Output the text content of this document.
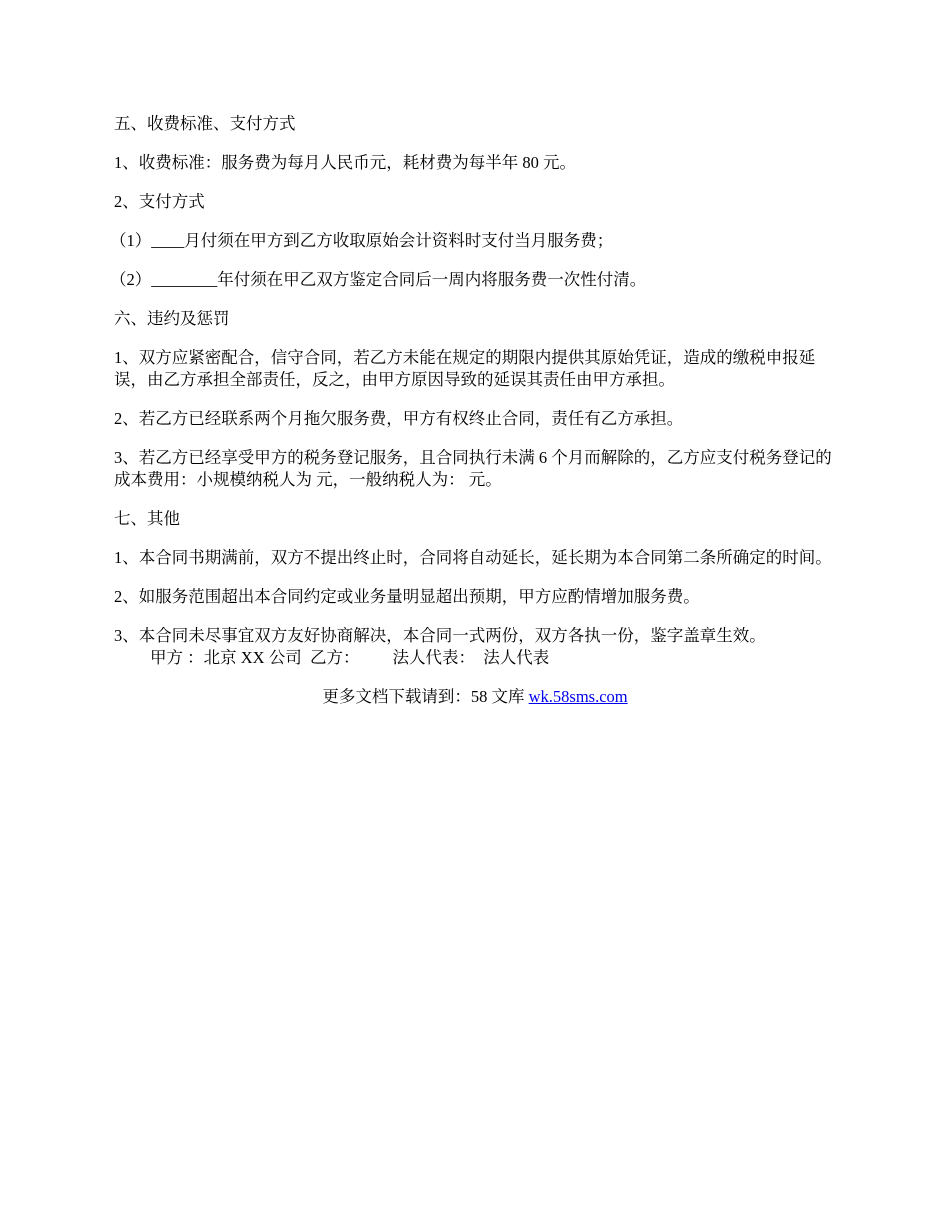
五、收费标准、支付方式

1、收费标准：服务费为每月人民币元，耗材费为每半年 80 元。

2、支付方式

（1）____月付须在甲方到乙方收取原始会计资料时支付当月服务费；

（2）________年付须在甲乙双方鉴定合同后一周内将服务费一次性付清。

六、违约及惩罚

1、双方应紧密配合，信守合同，若乙方未能在规定的期限内提供其原始凭证，造成的缴税申报延误，由乙方承担全部责任，反之，由甲方原因导致的延误其责任由甲方承担。

2、若乙方已经联系两个月拖欠服务费，甲方有权终止合同，责任有乙方承担。

3、若乙方已经享受甲方的税务登记服务，且合同执行未满 6 个月而解除的，乙方应支付税务登记的成本费用：小规模纳税人为 元，一般纳税人为： 元。

七、其他

1、本合同书期满前，双方不提出终止时，合同将自动延长，延长期为本合同第二条所确定的时间。

2、如服务范围超出本合同约定或业务量明显超出预期，甲方应酌情增加服务费。

3、本合同未尽事宜双方友好协商解决，本合同一式两份，双方各执一份，鉴字盖章生效。

甲方 ：北京 XX 公司  乙方：        法人代表：  法人代表

更多文档下载请到：58 文库 wk.58sms.com
